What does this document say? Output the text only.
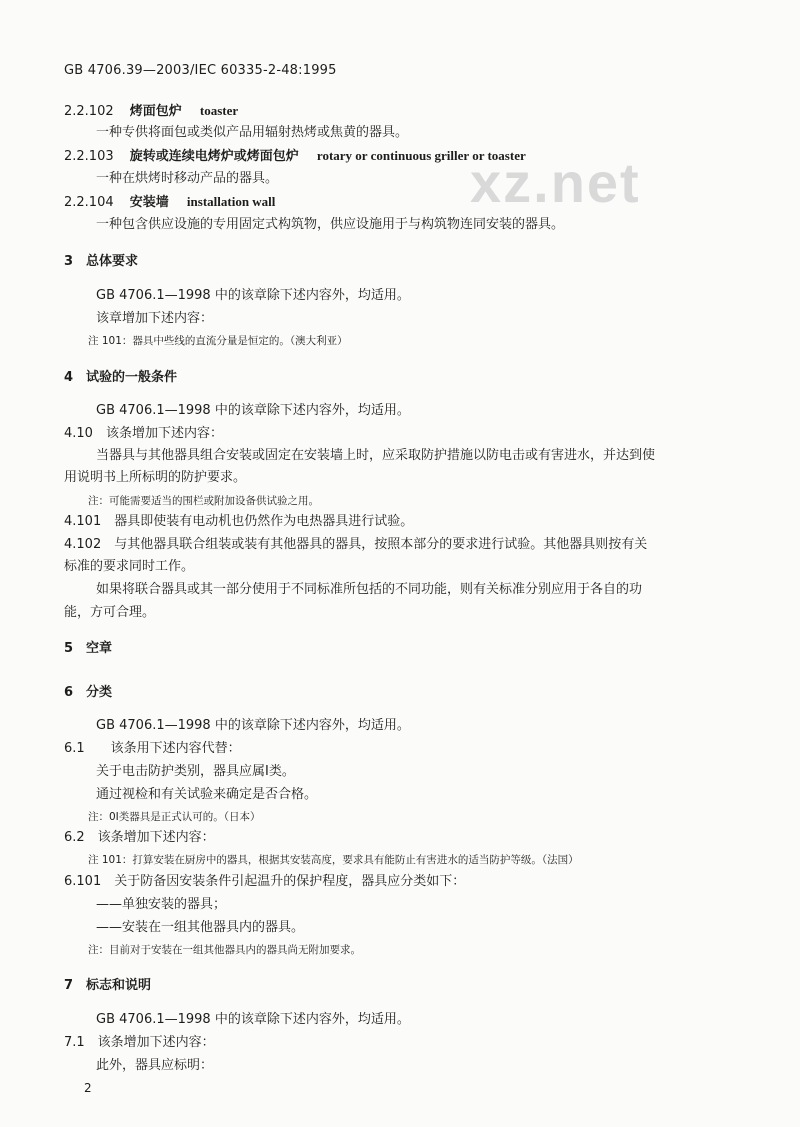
GB 4706.39—2003/IEC 60335-2-48:1995
xz.net
2.2.102 烤面包炉 toaster
一种专供将面包或类似产品用辐射热烤或焦黄的器具。
2.2.103 旋转或连续电烤炉或烤面包炉 rotary or continuous griller or toaster
一种在烘烤时移动产品的器具。
2.2.104 安装墙 installation wall
一种包含供应设施的专用固定式构筑物，供应设施用于与构筑物连同安装的器具。
3　总体要求
GB 4706.1—1998 中的该章除下述内容外，均适用。
该章增加下述内容：
注 101：器具中些线的直流分量是恒定的。（澳大利亚）
4　试验的一般条件
GB 4706.1—1998 中的该章除下述内容外，均适用。
4.10　该条增加下述内容：
当器具与其他器具组合安装或固定在安装墙上时，应采取防护措施以防电击或有害进水，并达到使
用说明书上所标明的防护要求。
注：可能需要适当的围栏或附加设备供试验之用。
4.101　器具即使装有电动机也仍然作为电热器具进行试验。
4.102　与其他器具联合组装或装有其他器具的器具，按照本部分的要求进行试验。其他器具则按有关
标准的要求同时工作。
如果将联合器具或其一部分使用于不同标准所包括的不同功能，则有关标准分别应用于各自的功
能，方可合理。
5　空章
6　分类
GB 4706.1—1998 中的该章除下述内容外，均适用。
6.1　　该条用下述内容代替：
关于电击防护类别，器具应属Ⅰ类。
通过视检和有关试验来确定是否合格。
注：0Ⅰ类器具是正式认可的。（日本）
6.2　该条增加下述内容：
注 101：打算安装在厨房中的器具，根据其安装高度，要求具有能防止有害进水的适当防护等级。（法国）
6.101　关于防备因安装条件引起温升的保护程度，器具应分类如下：
——单独安装的器具；
——安装在一组其他器具内的器具。
注：目前对于安装在一组其他器具内的器具尚无附加要求。
7　标志和说明
GB 4706.1—1998 中的该章除下述内容外，均适用。
7.1　该条增加下述内容：
此外，器具应标明：
2
